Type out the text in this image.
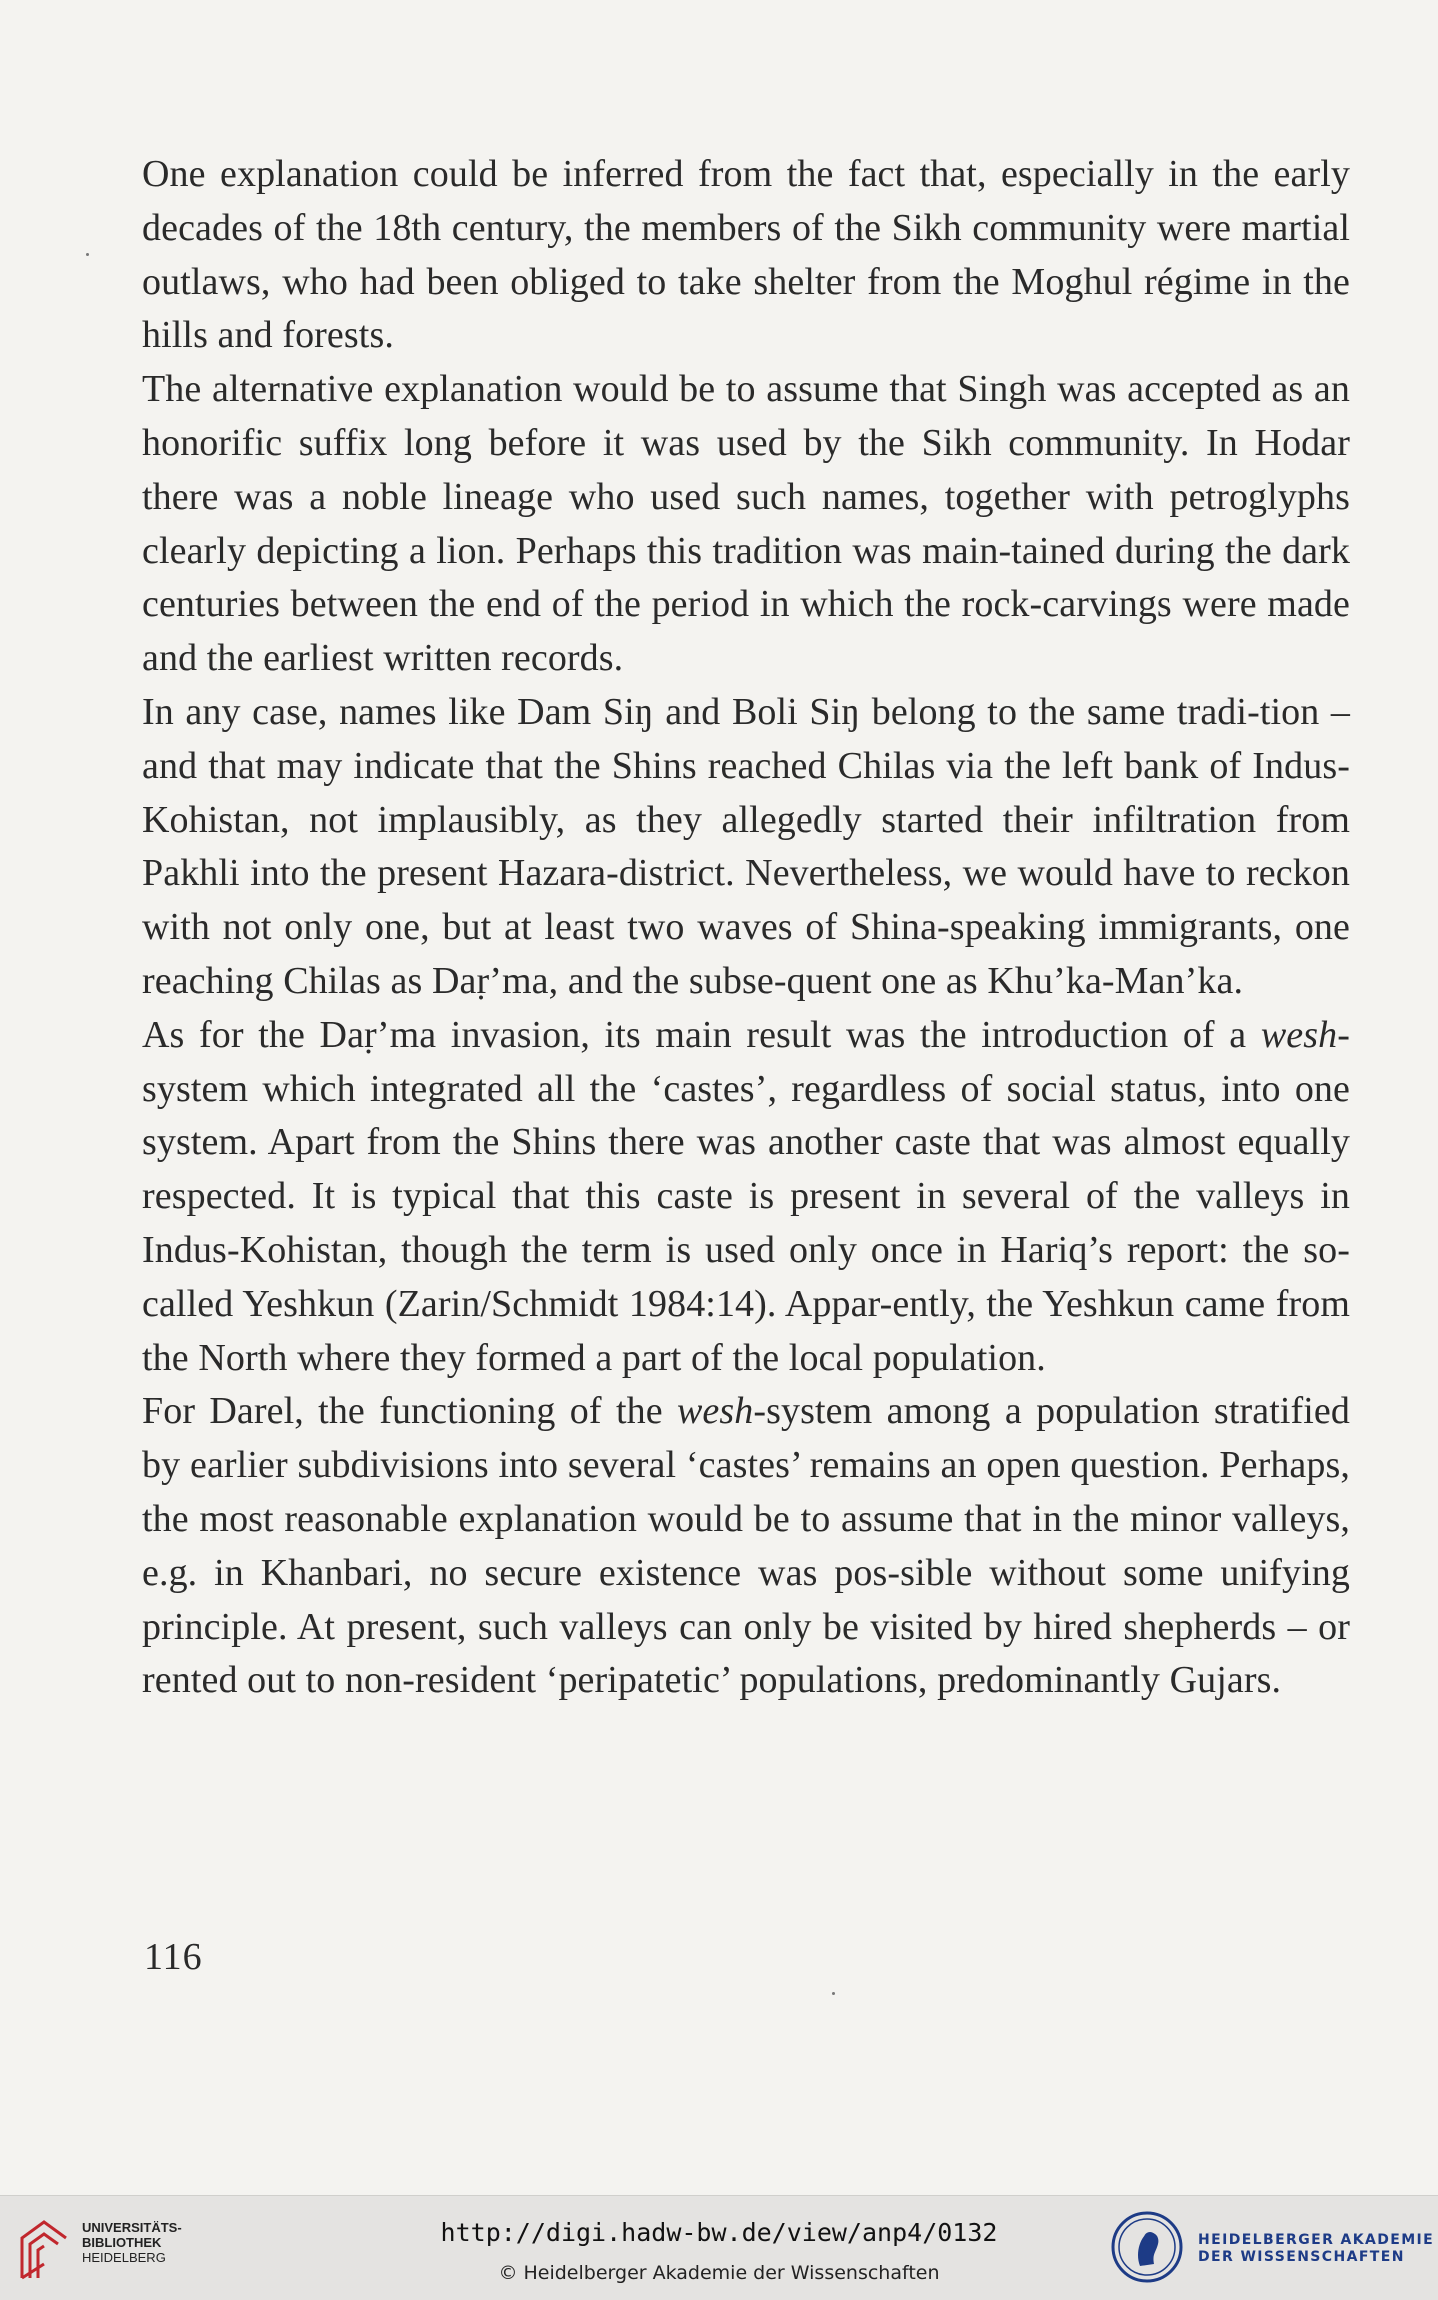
One explanation could be inferred from the fact that, especially in the early decades of the 18th century, the members of the Sikh community were martial outlaws, who had been obliged to take shelter from the Moghul régime in the hills and forests.

The alternative explanation would be to assume that Singh was accepted as an honorific suffix long before it was used by the Sikh community. In Hodar there was a noble lineage who used such names, together with petroglyphs clearly depicting a lion. Perhaps this tradition was main-tained during the dark centuries between the end of the period in which the rock-carvings were made and the earliest written records.

In any case, names like Dam Siŋ and Boli Siŋ belong to the same tradi-tion – and that may indicate that the Shins reached Chilas via the left bank of Indus-Kohistan, not implausibly, as they allegedly started their infiltration from Pakhli into the present Hazara-district. Nevertheless, we would have to reckon with not only one, but at least two waves of Shina-speaking immigrants, one reaching Chilas as Daṛ’ma, and the subse-quent one as Khu’ka-Man’ka.

As for the Daṛ’ma invasion, its main result was the introduction of a wesh-system which integrated all the ‘castes’, regardless of social status, into one system. Apart from the Shins there was another caste that was almost equally respected. It is typical that this caste is present in several of the valleys in Indus-Kohistan, though the term is used only once in Hariq’s report: the so-called Yeshkun (Zarin/Schmidt 1984:14). Appar-ently, the Yeshkun came from the North where they formed a part of the local population.

For Darel, the functioning of the wesh-system among a population stratified by earlier subdivisions into several ‘castes’ remains an open question. Perhaps, the most reasonable explanation would be to assume that in the minor valleys, e.g. in Khanbari, no secure existence was pos-sible without some unifying principle. At present, such valleys can only be visited by hired shepherds – or rented out to non-resident ‘peripatetic’ populations, predominantly Gujars.

116
UNIVERSITÄTS-
BIBLIOTHEK
HEIDELBERG
http://digi.hadw-bw.de/view/anp4/0132
© Heidelberger Akademie der Wissenschaften
HEIDELBERGER AKADEMIE
DER WISSENSCHAFTEN
